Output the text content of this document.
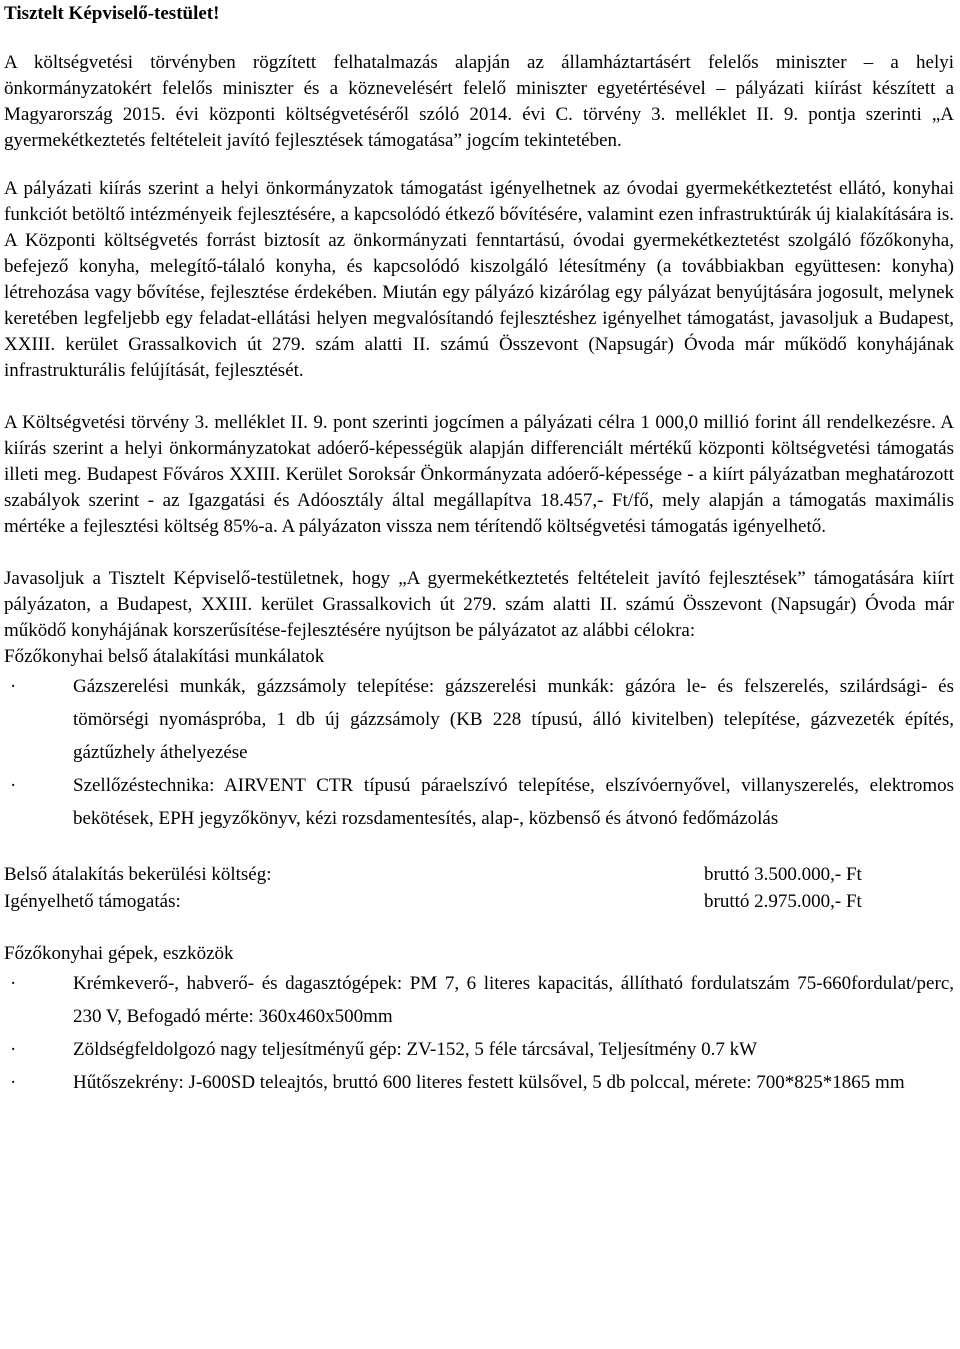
Tisztelt Képviselő-testület!

A költségvetési törvényben rögzített felhatalmazás alapján az államháztartásért felelős miniszter – a helyi önkormányzatokért felelős miniszter és a köznevelésért felelő miniszter egyetértésével – pályázati kiírást készített a Magyarország 2015. évi központi költségvetéséről szóló 2014. évi C. törvény 3. melléklet II. 9. pontja szerinti „A gyermekétkeztetés feltételeit javító fejlesztések támogatása” jogcím tekintetében.

A pályázati kiírás szerint a helyi önkormányzatok támogatást igényelhetnek az óvodai gyermekétkeztetést ellátó, konyhai funkciót betöltő intézményeik fejlesztésére, a kapcsolódó étkező bővítésére, valamint ezen infrastruktúrák új kialakítására is. A Központi költségvetés forrást biztosít az önkormányzati fenntartású, óvodai gyermekétkeztetést szolgáló főzőkonyha, befejező konyha, melegítő-tálaló konyha, és kapcsolódó kiszolgáló létesítmény (a továbbiakban együttesen: konyha) létrehozása vagy bővítése, fejlesztése érdekében. Miután egy pályázó kizárólag egy pályázat benyújtására jogosult, melynek keretében legfeljebb egy feladat-ellátási helyen megvalósítandó fejlesztéshez igényelhet támogatást, javasoljuk a Budapest, XXIII. kerület Grassalkovich út 279. szám alatti II. számú Összevont (Napsugár) Óvoda már működő konyhájának infrastrukturális felújítását, fejlesztését.

A Költségvetési törvény 3. melléklet II. 9. pont szerinti jogcímen a pályázati célra 1 000,0 millió forint áll rendelkezésre. A kiírás szerint a helyi önkormányzatokat adóerő-képességük alapján differenciált mértékű központi költségvetési támogatás illeti meg. Budapest Főváros XXIII. Kerület Soroksár Önkormányzata adóerő-képessége - a kiírt pályázatban meghatározott szabályok szerint - az Igazgatási és Adóosztály által megállapítva 18.457,- Ft/fő, mely alapján a támogatás maximális mértéke a fejlesztési költség 85%-a. A pályázaton vissza nem térítendő költségvetési támogatás igényelhető.

Javasoljuk a Tisztelt Képviselő-testületnek, hogy „A gyermekétkeztetés feltételeit javító fejlesztések” támogatására kiírt pályázaton, a Budapest, XXIII. kerület Grassalkovich út 279. szám alatti II. számú Összevont (Napsugár) Óvoda már működő konyhájának korszerűsítése-fejlesztésére nyújtson be pályázatot az alábbi célokra:

Főzőkonyhai belső átalakítási munkálatok

·	Gázszerelési munkák, gázzsámoly telepítése: gázszerelési munkák: gázóra le- és felszerelés, szilárdsági- és tömörségi nyomáspróba, 1 db új gázzsámoly (KB 228 típusú, álló kivitelben) telepítése, gázvezeték építés, gáztűzhely áthelyezése
·	Szellőzéstechnika: AIRVENT CTR típusú páraelszívó telepítése, elszívóernyővel, villanyszerelés, elektromos bekötések, EPH jegyzőkönyv, kézi rozsdamentesítés, alap-, közbenső és átvonó fedőmázolás
Belső átalakítás bekerülési költség:	bruttó 3.500.000,- Ft
Igényelhető támogatás:	bruttó 2.975.000,- Ft

Főzőkonyhai gépek, eszközök

·	Krémkeverő-, habverő- és dagasztógépek: PM 7, 6 literes kapacitás, állítható fordulatszám 75-660fordulat/perc, 230 V, Befogadó mérte: 360x460x500mm
·	Zöldségfeldolgozó nagy teljesítményű gép: ZV-152, 5 féle tárcsával, Teljesítmény 0.7 kW
·	Hűtőszekrény: J-600SD teleajtós, bruttó 600 literes festett külsővel, 5 db polccal, mérete: 700*825*1865 mm
